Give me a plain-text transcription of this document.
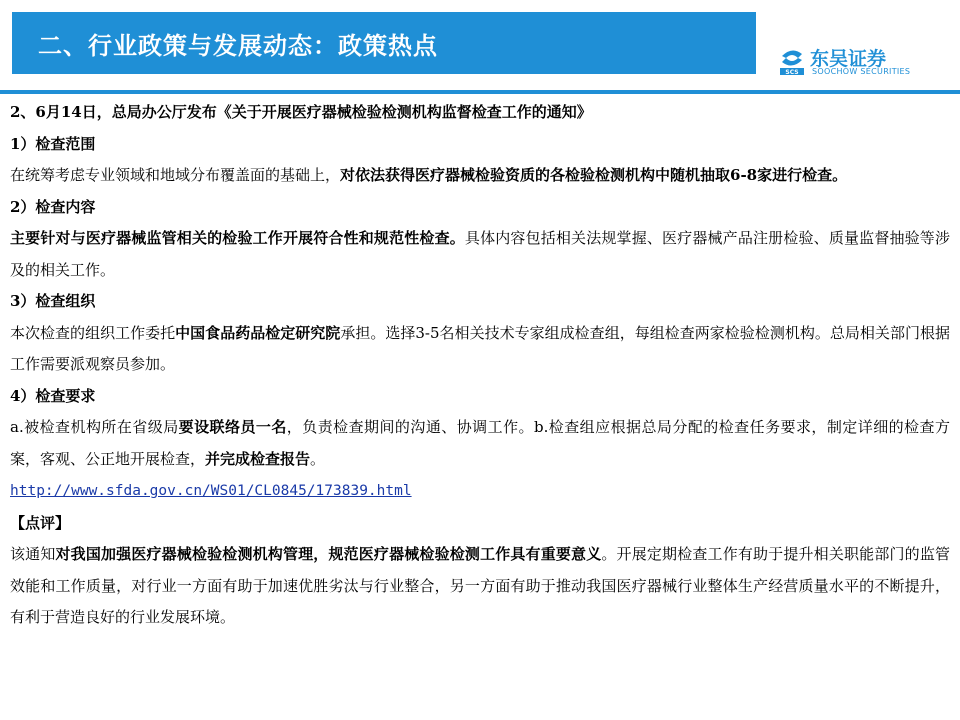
二、行业政策与发展动态：政策热点
SCS
东吴证券
SOOCHOW SECURITIES

2、6月14日，总局办公厅发布《关于开展医疗器械检验检测机构监督检查工作的通知》

1）检查范围

在统筹考虑专业领域和地域分布覆盖面的基础上，对依法获得医疗器械检验资质的各检验检测机构中随机抽取6-8家进行检查。

2）检查内容

主要针对与医疗器械监管相关的检验工作开展符合性和规范性检查。具体内容包括相关法规掌握、医疗器械产品注册检验、质量监督抽验等涉及的相关工作。

3）检查组织

本次检查的组织工作委托中国食品药品检定研究院承担。选择3-5名相关技术专家组成检查组，每组检查两家检验检测机构。总局相关部门根据工作需要派观察员参加。

4）检查要求

a.被检查机构所在省级局要设联络员一名，负责检查期间的沟通、协调工作。b.检查组应根据总局分配的检查任务要求，制定详细的检查方案，客观、公正地开展检查，并完成检查报告。

http://www.sfda.gov.cn/WS01/CL0845/173839.html

【点评】

该通知对我国加强医疗器械检验检测机构管理，规范医疗器械检验检测工作具有重要意义。开展定期检查工作有助于提升相关职能部门的监管效能和工作质量，对行业一方面有助于加速优胜劣汰与行业整合，另一方面有助于推动我国医疗器械行业整体生产经营质量水平的不断提升，有利于营造良好的行业发展环境。
